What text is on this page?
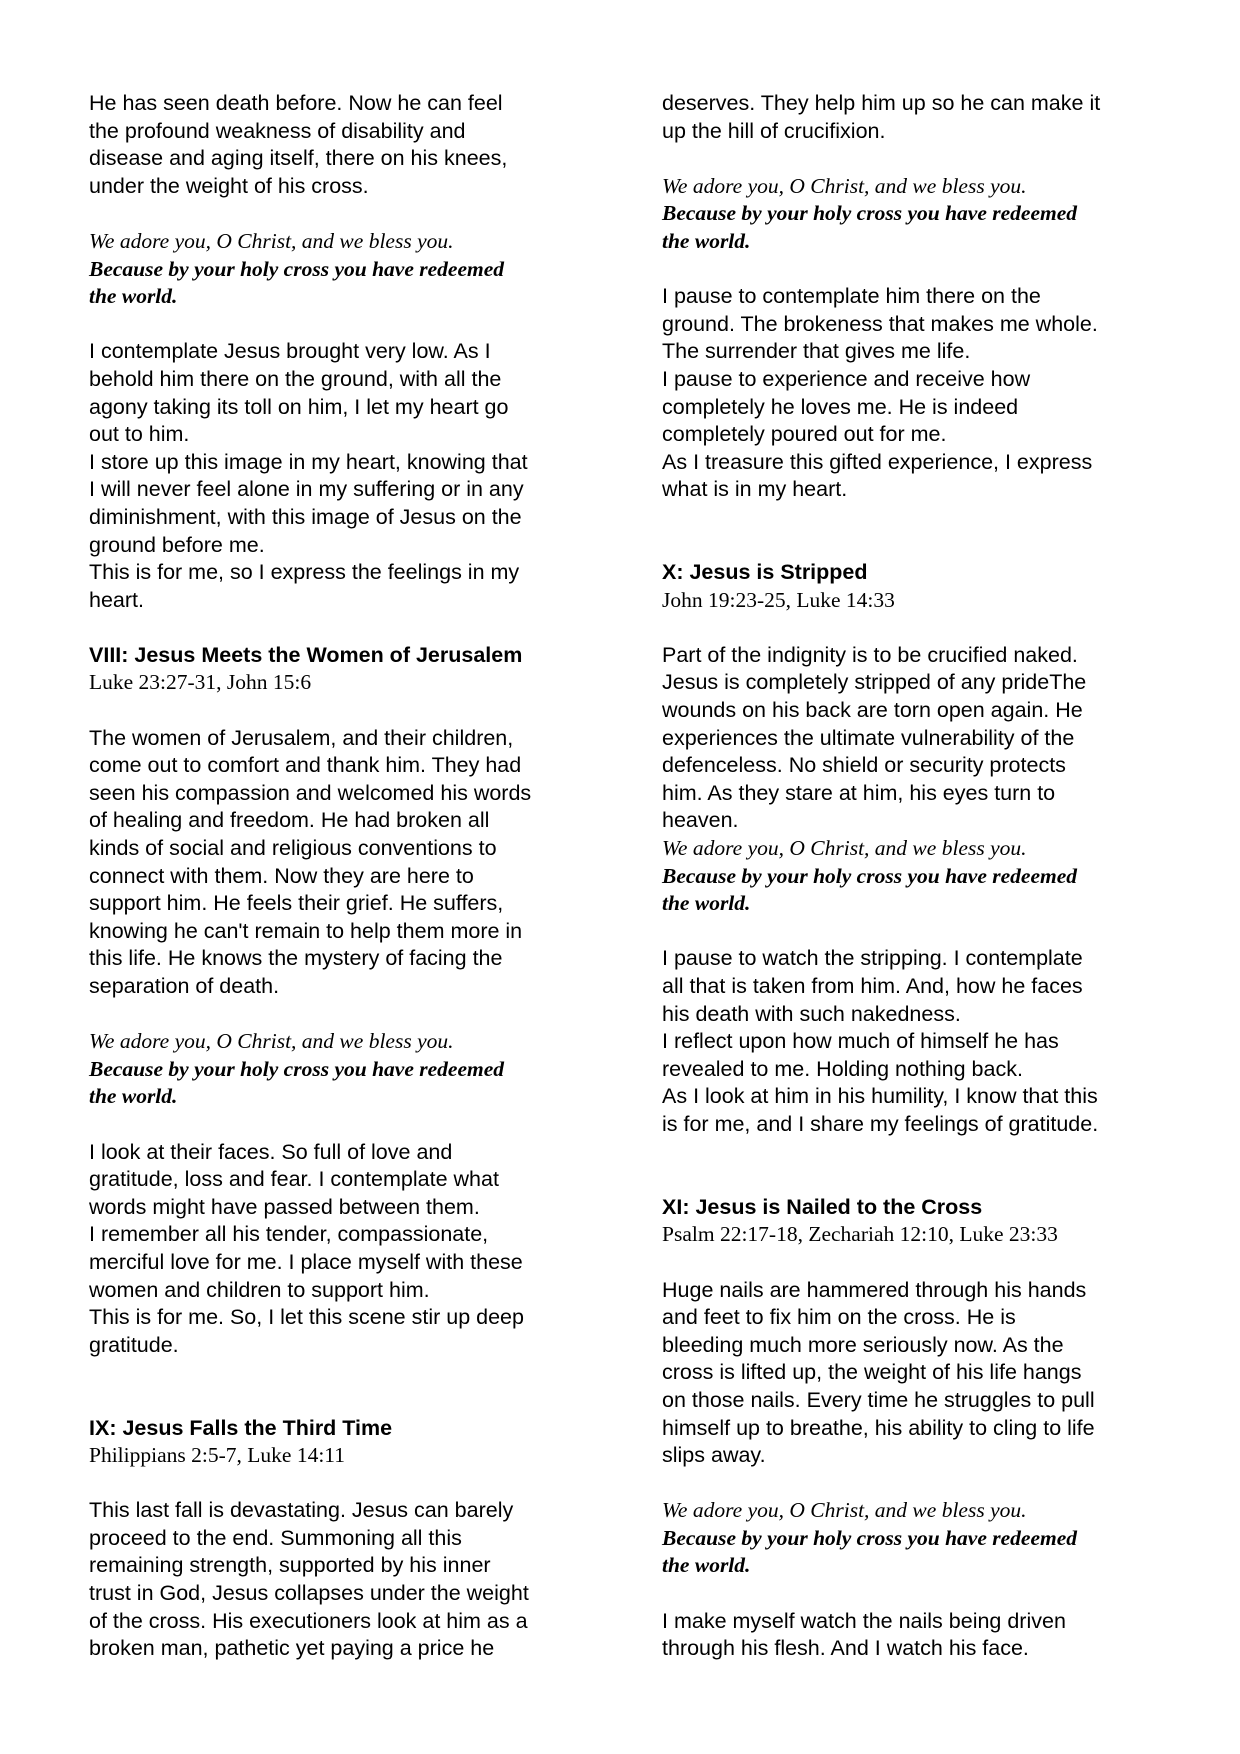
He has seen death before. Now he can feel
the profound weakness of disability and
disease and aging itself, there on his knees,
under the weight of his cross.

We adore you, O Christ, and we bless you.

Because by your holy cross you have redeemed
the world.

I contemplate Jesus brought very low. As I
behold him there on the ground, with all the
agony taking its toll on him, I let my heart go
out to him.
I store up this image in my heart, knowing that
I will never feel alone in my suffering or in any
diminishment, with this image of Jesus on the
ground before me.
This is for me, so I express the feelings in my
heart.

VIII: Jesus Meets the Women of Jerusalem

Luke 23:27-31, John 15:6

The women of Jerusalem, and their children,
come out to comfort and thank him. They had
seen his compassion and welcomed his words
of healing and freedom. He had broken all
kinds of social and religious conventions to
connect with them. Now they are here to
support him. He feels their grief. He suffers,
knowing he can't remain to help them more in
this life. He knows the mystery of facing the
separation of death.

We adore you, O Christ, and we bless you.

Because by your holy cross you have redeemed
the world.

I look at their faces. So full of love and
gratitude, loss and fear. I contemplate what
words might have passed between them.
I remember all his tender, compassionate,
merciful love for me. I place myself with these
women and children to support him.
This is for me. So, I let this scene stir up deep
gratitude.

IX: Jesus Falls the Third Time

Philippians 2:5-7, Luke 14:11

This last fall is devastating. Jesus can barely
proceed to the end. Summoning all this
remaining strength, supported by his inner
trust in God, Jesus collapses under the weight
of the cross. His executioners look at him as a
broken man, pathetic yet paying a price he

deserves. They help him up so he can make it
up the hill of crucifixion.

We adore you, O Christ, and we bless you.

Because by your holy cross you have redeemed
the world.

I pause to contemplate him there on the
ground. The brokeness that makes me whole.
The surrender that gives me life.
I pause to experience and receive how
completely he loves me. He is indeed
completely poured out for me.
As I treasure this gifted experience, I express
what is in my heart.

X: Jesus is Stripped

John 19:23-25, Luke 14:33

Part of the indignity is to be crucified naked.
Jesus is completely stripped of any prideThe
wounds on his back are torn open again. He
experiences the ultimate vulnerability of the
defenceless. No shield or security protects
him. As they stare at him, his eyes turn to
heaven.

We adore you, O Christ, and we bless you.

Because by your holy cross you have redeemed
the world.

I pause to watch the stripping. I contemplate
all that is taken from him. And, how he faces
his death with such nakedness.
I reflect upon how much of himself he has
revealed to me. Holding nothing back.
As I look at him in his humility, I know that this
is for me, and I share my feelings of gratitude.

XI: Jesus is Nailed to the Cross

Psalm 22:17-18, Zechariah 12:10, Luke 23:33

Huge nails are hammered through his hands
and feet to fix him on the cross. He is
bleeding much more seriously now. As the
cross is lifted up, the weight of his life hangs
on those nails. Every time he struggles to pull
himself up to breathe, his ability to cling to life
slips away.

We adore you, O Christ, and we bless you.

Because by your holy cross you have redeemed
the world.

I make myself watch the nails being driven
through his flesh. And I watch his face.
